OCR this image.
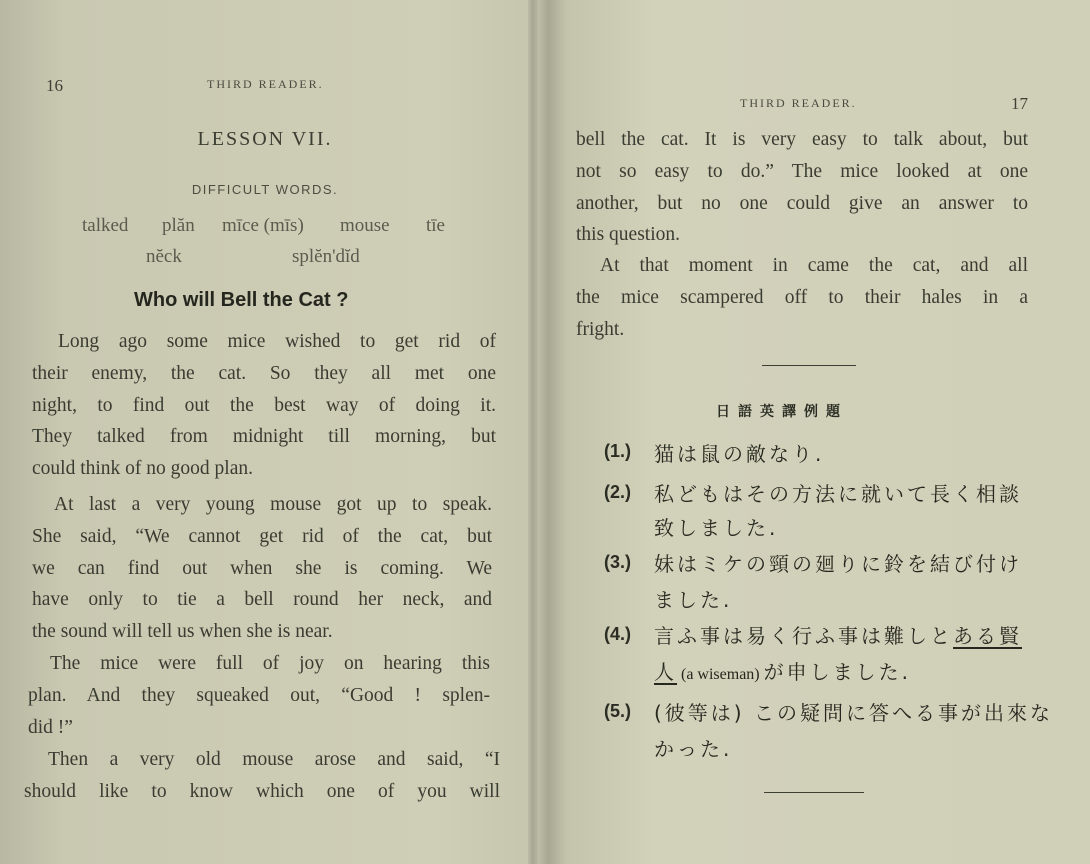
16	THIRD READER.
LESSON VII.
DIFFICULT WORDS.
talked plăn mīce (mīs) mouse tīe
nĕck	splĕn'dĭd
Who will Bell the Cat ?
Long ago some mice wished to get rid of
their enemy, the cat. So they all met one
night, to find out the best way of doing it.
They talked from midnight till morning, but
could think of no good plan.
At last a very young mouse got up to speak.
She said, “We cannot get rid of the cat, but
we can find out when she is coming. We
have only to tie a bell round her neck, and
the sound will tell us when she is near.
The mice were full of joy on hearing this
plan. And they squeaked out, “Good ! splen-
did !”
Then a very old mouse arose and said, “I
should like to know which one of you will
THIRD READER.	17
bell the cat. It is very easy to talk about, but
not so easy to do.” The mice looked at one
another, but no one could give an answer to
this question.
At that moment in came the cat, and all
the mice scampered off to their hales in a
fright.
日語英譯例題
(1.) 猫は鼠の敵なり.
(2.) 私どもはその方法に就いて長く相談
致しました.
(3.) 妹はミケの頸の廻りに鈴を結び付け
ました.
(4.) 言ふ事は易く行ふ事は難しとある賢
人 (a wiseman) が申しました.
(5.) (彼等は) この疑問に答へる事が出來な
かった.
